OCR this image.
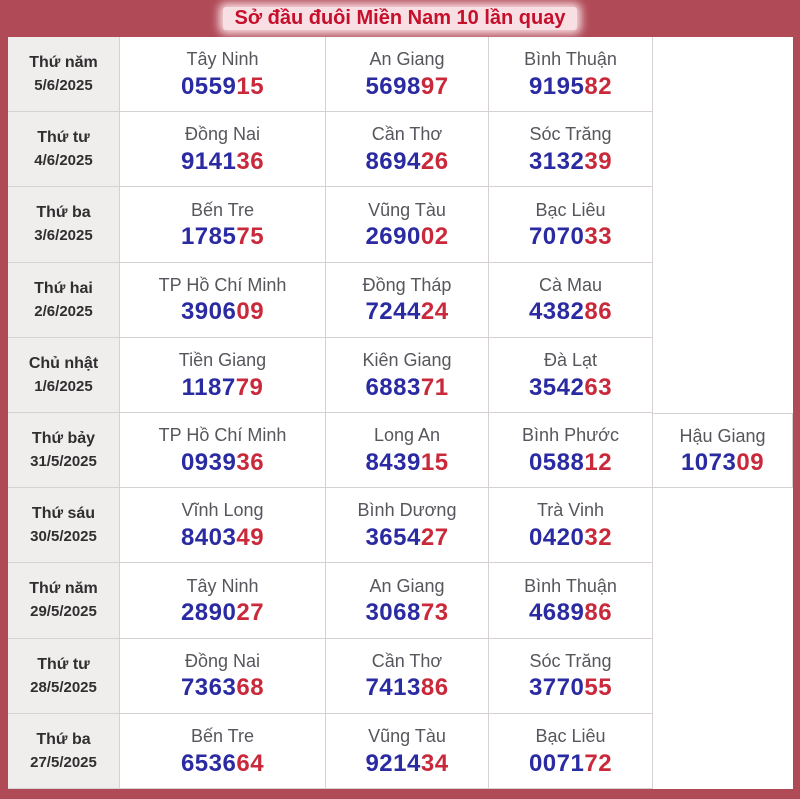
Sở đầu đuôi Miền Nam 10 lần quay
Thứ năm
5/6/2025
Tây Ninh
055915
An Giang
569897
Bình Thuận
919582
Thứ tư
4/6/2025
Đồng Nai
914136
Cần Thơ
869426
Sóc Trăng
313239
Thứ ba
3/6/2025
Bến Tre
178575
Vũng Tàu
269002
Bạc Liêu
707033
Thứ hai
2/6/2025
TP Hồ Chí Minh
390609
Đồng Tháp
724424
Cà Mau
438286
Chủ nhật
1/6/2025
Tiền Giang
118779
Kiên Giang
688371
Đà Lạt
354263
Thứ bảy
31/5/2025
TP Hồ Chí Minh
093936
Long An
843915
Bình Phước
058812
Hậu Giang
107309
Thứ sáu
30/5/2025
Vĩnh Long
840349
Bình Dương
365427
Trà Vinh
042032
Thứ năm
29/5/2025
Tây Ninh
289027
An Giang
306873
Bình Thuận
468986
Thứ tư
28/5/2025
Đồng Nai
736368
Cần Thơ
741386
Sóc Trăng
377055
Thứ ba
27/5/2025
Bến Tre
653664
Vũng Tàu
921434
Bạc Liêu
007172
